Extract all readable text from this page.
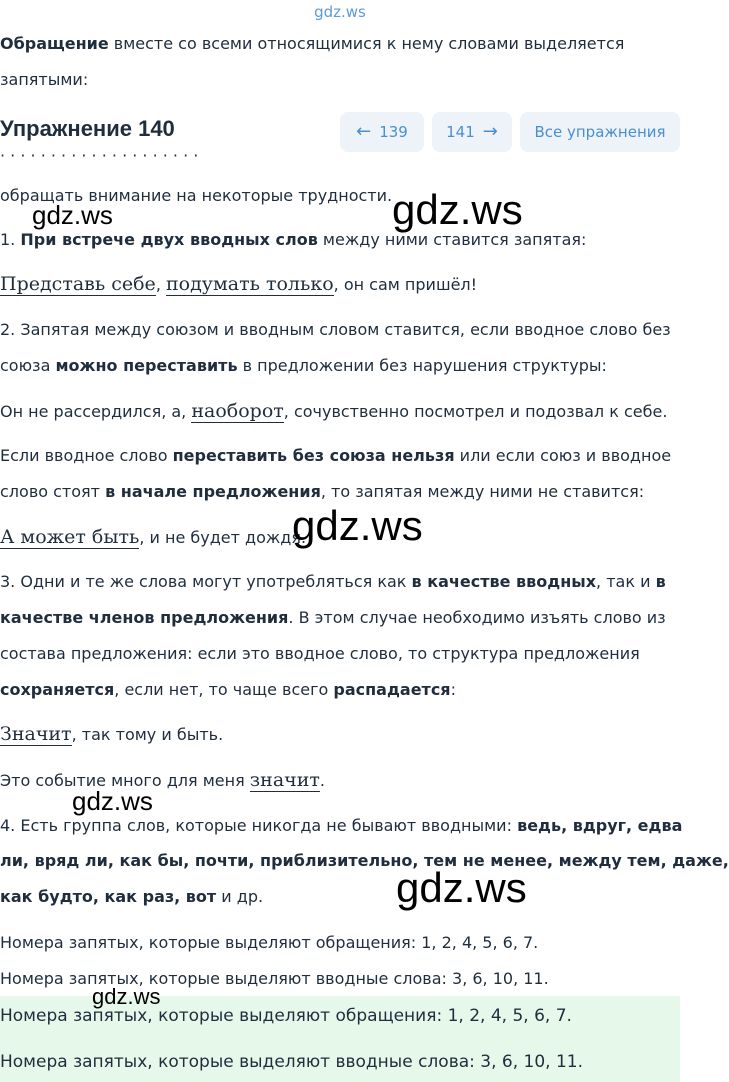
gdz.ws
Обращение вместе со всеми относящимися к нему словами выделяется запятыми:
Упражнение 140	← 139	141 → Все упражнения
· · · · · · · · · · · · · · · · · · · ·
обращать внимание на некоторые трудности.
1. При встрече двух вводных слов между ними ставится запятая:
Представь себе, подумать только, он сам пришёл!
2. Запятая между союзом и вводным словом ставится, если вводное слово без
союза можно переставить в предложении без нарушения структуры:
Он не рассердился, а, наоборот, сочувственно посмотрел и подозвал к себе.
Если вводное слово переставить без союза нельзя или если союз и вводное
слово стоят в начале предложения, то запятая между ними не ставится:
А может быть, и не будет дождя.
3. Одни и те же слова могут употребляться как в качестве вводных, так и в
качестве членов предложения. В этом случае необходимо изъять слово из
состава предложения: если это вводное слово, то структура предложения
сохраняется, если нет, то чаще всего распадается:
Значит, так тому и быть.
Это событие много для меня значит.
4. Есть группа слов, которые никогда не бывают вводными: ведь, вдруг, едва
ли, вряд ли, как бы, почти, приблизительно, тем не менее, между тем, даже,
как будто, как раз, вот и др.
Номера запятых, которые выделяют обращения: 1, 2, 4, 5, 6, 7.
Номера запятых, которые выделяют вводные слова: 3, 6, 10, 11.
Номера запятых, которые выделяют обращения: 1, 2, 4, 5, 6, 7.
Номера запятых, которые выделяют вводные слова: 3, 6, 10, 11.
gdz.ws	gdz.ws
gdz.ws
gdz.ws
gdz.ws
gdz.ws
